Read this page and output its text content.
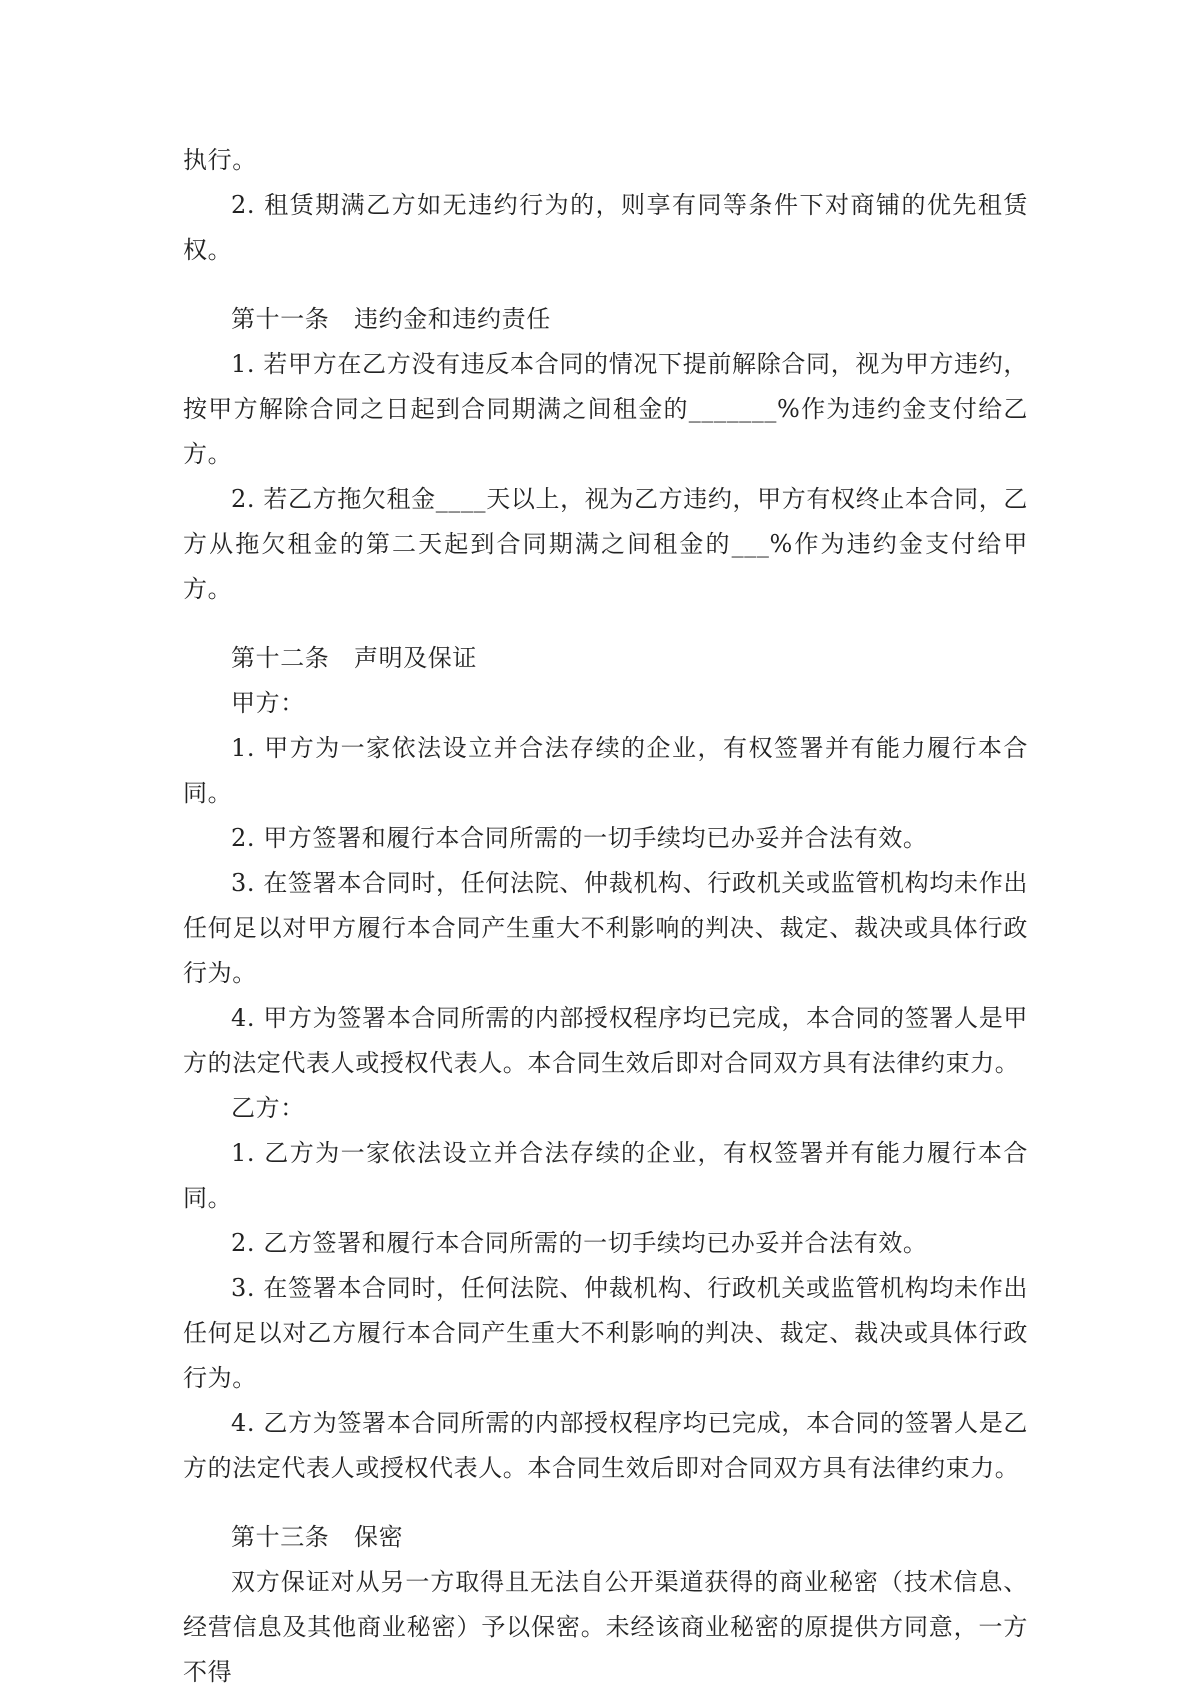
执行。

2. 租赁期满乙方如无违约行为的，则享有同等条件下对商铺的优先租赁权。

第十一条　违约金和违约责任

1. 若甲方在乙方没有违反本合同的情况下提前解除合同，视为甲方违约，按甲方解除合同之日起到合同期满之间租金的_______%作为违约金支付给乙方。

2. 若乙方拖欠租金____天以上，视为乙方违约，甲方有权终止本合同，乙方从拖欠租金的第二天起到合同期满之间租金的___%作为违约金支付给甲方。

第十二条　声明及保证

甲方：

1. 甲方为一家依法设立并合法存续的企业，有权签署并有能力履行本合同。

2. 甲方签署和履行本合同所需的一切手续均已办妥并合法有效。

3. 在签署本合同时，任何法院、仲裁机构、行政机关或监管机构均未作出任何足以对甲方履行本合同产生重大不利影响的判决、裁定、裁决或具体行政行为。

4. 甲方为签署本合同所需的内部授权程序均已完成，本合同的签署人是甲方的法定代表人或授权代表人。本合同生效后即对合同双方具有法律约束力。

乙方：

1. 乙方为一家依法设立并合法存续的企业，有权签署并有能力履行本合同。

2. 乙方签署和履行本合同所需的一切手续均已办妥并合法有效。

3. 在签署本合同时，任何法院、仲裁机构、行政机关或监管机构均未作出任何足以对乙方履行本合同产生重大不利影响的判决、裁定、裁决或具体行政行为。

4. 乙方为签署本合同所需的内部授权程序均已完成，本合同的签署人是乙方的法定代表人或授权代表人。本合同生效后即对合同双方具有法律约束力。

第十三条　保密

双方保证对从另一方取得且无法自公开渠道获得的商业秘密（技术信息、经营信息及其他商业秘密）予以保密。未经该商业秘密的原提供方同意，一方不得
